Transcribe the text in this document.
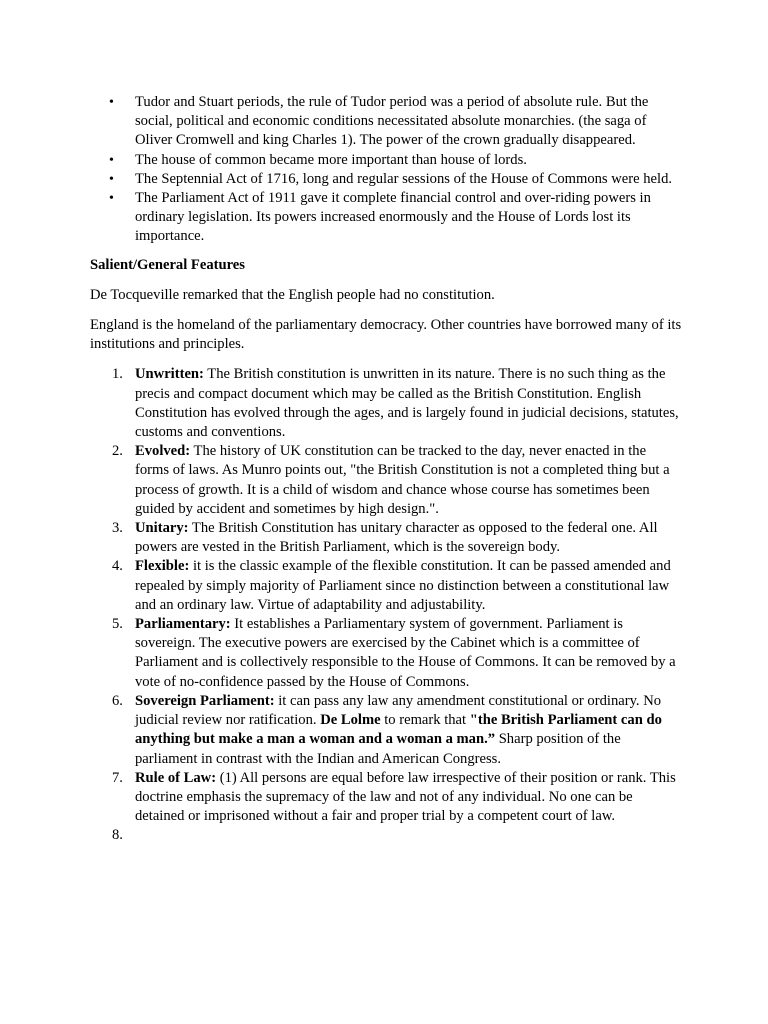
• Tudor and Stuart periods, the rule of Tudor period was a period of absolute rule. But the social, political and economic conditions necessitated absolute monarchies. (the saga of Oliver Cromwell and king Charles 1). The power of the crown gradually disappeared.
• The house of common became more important than house of lords.
• The Septennial Act of 1716, long and regular sessions of the House of Commons were held.
• The Parliament Act of 1911 gave it complete financial control and over-riding powers in ordinary legislation. Its powers increased enormously and the House of Lords lost its importance.
Salient/General Features

De Tocqueville remarked that the English people had no constitution.

England is the homeland of the parliamentary democracy. Other countries have borrowed many of its institutions and principles.

1. Unwritten: The British constitution is unwritten in its nature. There is no such thing as the precis and compact document which may be called as the British Constitution. English Constitution has evolved through the ages, and is largely found in judicial decisions, statutes, customs and conventions.
2. Evolved: The history of UK constitution can be tracked to the day, never enacted in the forms of laws. As Munro points out, "the British Constitution is not a completed thing but a process of growth. It is a child of wisdom and chance whose course has sometimes been guided by accident and sometimes by high design.".
3. Unitary: The British Constitution has unitary character as opposed to the federal one. All powers are vested in the British Parliament, which is the sovereign body.
4. Flexible: it is the classic example of the flexible constitution. It can be passed amended and repealed by simply majority of Parliament since no distinction between a constitutional law and an ordinary law. Virtue of adaptability and adjustability.
5. Parliamentary: It establishes a Parliamentary system of government. Parliament is sovereign. The executive powers are exercised by the Cabinet which is a committee of Parliament and is collectively responsible to the House of Commons. It can be removed by a vote of no-confidence passed by the House of Commons.
6. Sovereign Parliament: it can pass any law any amendment constitutional or ordinary. No judicial review nor ratification. De Lolme to remark that "the British Parliament can do anything but make a man a woman and a woman a man.” Sharp position of the parliament in contrast with the Indian and American Congress.
7. Rule of Law: (1) All persons are equal before law irrespective of their position or rank. This doctrine emphasis the supremacy of the law and not of any individual. No one can be detained or imprisoned without a fair and proper trial by a competent court of law.
8.
